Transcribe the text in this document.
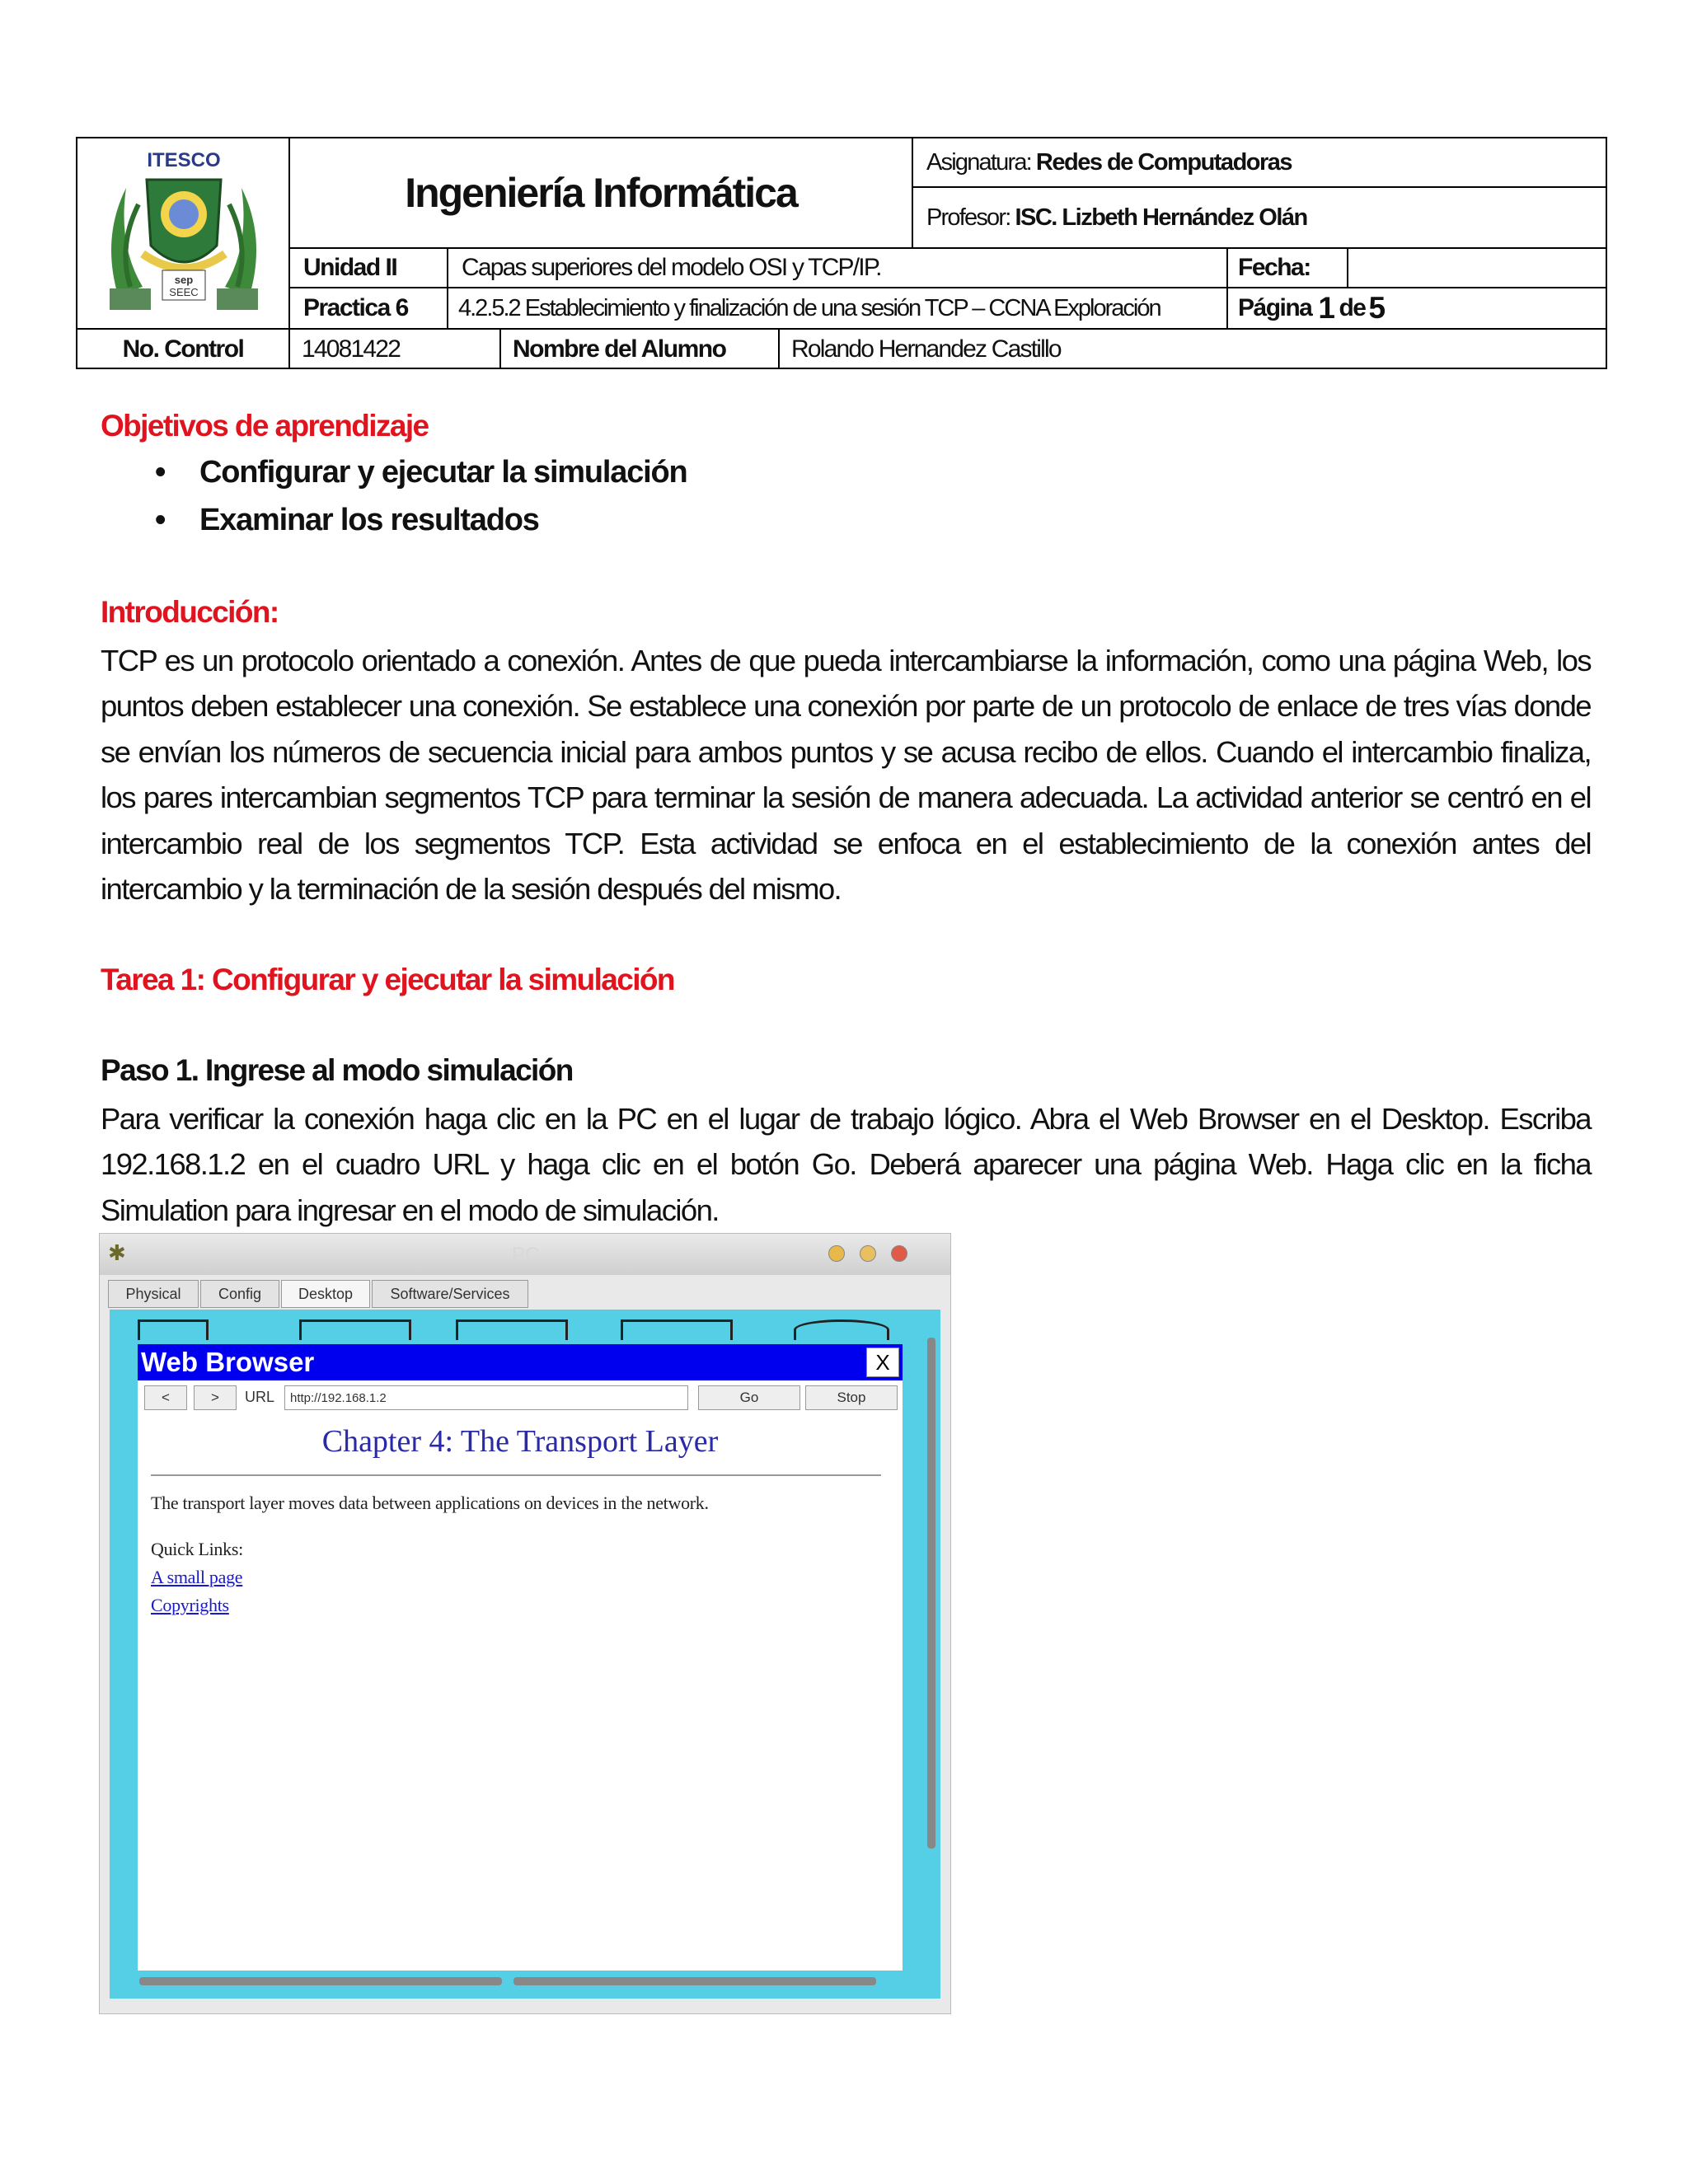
ITESCO
sep
SEEC
Ingeniería Informática
Asignatura: Redes de Computadoras
Profesor: ISC. Lizbeth Hernández Olán
Unidad II	Capas superiores del modelo OSI y TCP/IP.	Fecha:
Practica 6	4.2.5.2 Establecimiento y finalización de una sesión TCP – CCNA Exploración	Página 1 de 5
No. Control	14081422	Nombre del Alumno	Rolando Hernandez Castillo
Objetivos de aprendizaje
• Configurar y ejecutar la simulación
• Examinar los resultados
Introducción:
TCP es un protocolo orientado a conexión. Antes de que pueda intercambiarse la información, como una página Web, los puntos deben establecer una conexión. Se establece una conexión por parte de un protocolo de enlace de tres vías donde se envían los números de secuencia inicial para ambos puntos y se acusa recibo de ellos. Cuando el intercambio finaliza, los pares intercambian segmentos TCP para terminar la sesión de manera adecuada. La actividad anterior se centró en el intercambio real de los segmentos TCP. Esta actividad se enfoca en el establecimiento de la conexión antes del intercambio y la terminación de la sesión después del mismo.
Tarea 1: Configurar y ejecutar la simulación
Paso 1. Ingrese al modo simulación
Para verificar la conexión haga clic en la PC en el lugar de trabajo lógico. Abra el Web Browser en el Desktop. Escriba 192.168.1.2 en el cuadro URL y haga clic en el botón Go. Deberá aparecer una página Web. Haga clic en la ficha Simulation para ingresar en el modo de simulación.
✱	PC
Physical	Config	Desktop	Software/Services
Web Browser	X
<	>	URL	http://192.168.1.2	Go	Stop
Chapter 4: The Transport Layer
The transport layer moves data between applications on devices in the network.
Quick Links:
A small page
Copyrights
